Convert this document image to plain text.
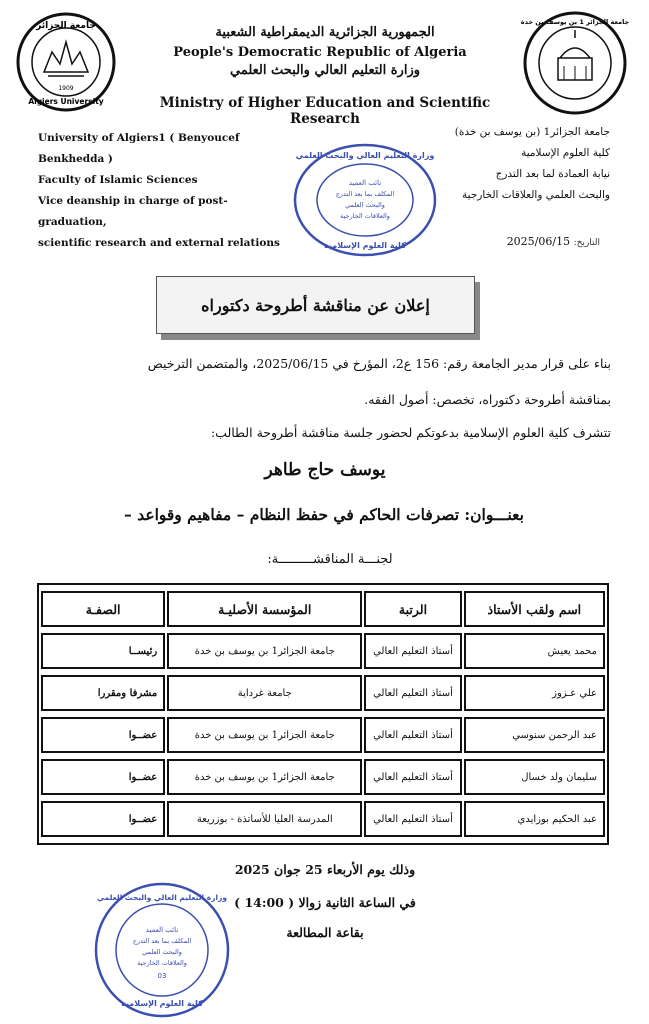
جامعة الجزائر
Algiers University
1909
جامعة الجزائر 1 بن يوسف بن خدة
الجمهورية الجزائرية الديمقراطية الشعبية
People's Democratic Republic of Algeria
وزارة التعليم العالي والبحث العلمي
Ministry of Higher Education and Scientific Research
University of Algiers1 ( Benyoucef Benkhedda )
Faculty of Islamic Sciences
Vice deanship in charge of post-graduation,
scientific research and external relations
جامعة الجزائر1 (بن يوسف بن خدة)
كلية العلوم الإسلامية
نيابة العمادة لما بعد التدرج
والبحث العلمي والعلاقات الخارجية
وزارة التعليم العالي والبحث العلمي
نائب العميد
المكلف بما بعد التدرج
والبحث العلمي
والعلاقات الخارجية
كلية العلوم الإسلامية	التاريخ: 2025/06/15
إعلان عن مناقشة أطروحة دكتوراه
بناء على قرار مدير الجامعة رقم: 156 ع2، المؤرخ في 2025/06/15، والمتضمن الترخيص
بمناقشة أطروحة دكتوراه، تخصص: أصول الفقه.
تتشرف كلية العلوم الإسلامية بدعوتكم لحضور جلسة مناقشة أطروحة الطالب:
يوسف حاج طاهر
بعنـــوان: تصرفات الحاكم في حفظ النظام – مفاهيم وقواعد –
لجنـــة المناقشـــــــــة:
اسم ولقب الأستاذ	الرتبة	المؤسسة الأصليـة	الصفـة
محمد يعيش	أستاذ التعليم العالي	جامعة الجزائر1 بن يوسف بن خدة	رئيســا
علي عـزوز	أستاذ التعليم العالي	جامعة غرداية	مشرفا ومقررا
عبد الرحمن سنوسي	أستاذ التعليم العالي	جامعة الجزائر1 بن يوسف بن خدة	عضــوا
سليمان ولد خسال	أستاذ التعليم العالي	جامعة الجزائر1 بن يوسف بن خدة	عضــوا
عبد الحكيم بوزايدي	أستاذ التعليم العالي	المدرسة العليا للأساتذة - بوزريعة	عضــوا
وذلك يوم الأربعاء 25 جوان 2025
في الساعة الثانية زوالا ( 14:00 )
بقاعة المطالعة
وزارة التعليم العالي والبحث العلمي
نائب العميد
المكلف بما بعد التدرج
والبحث العلمي
والعلاقات الخارجية
03
كلية العلوم الإسلامية
